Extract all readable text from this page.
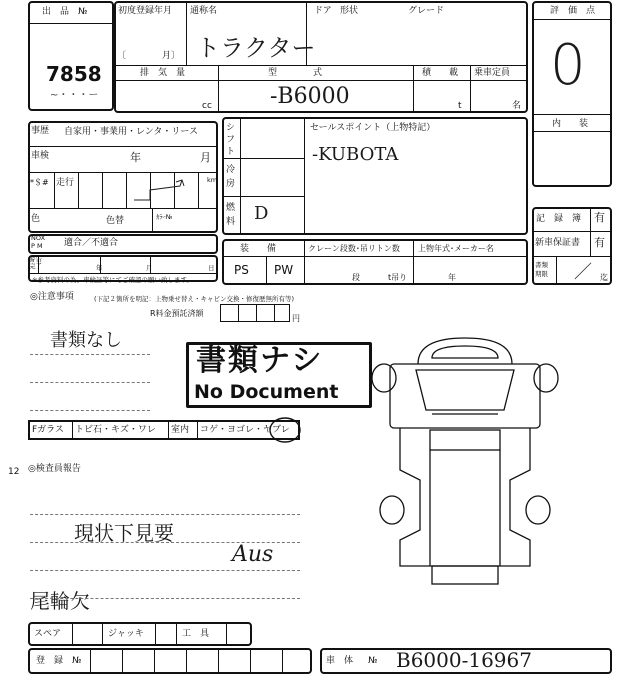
出　品　№
7858
~・・・ー
初度登録年月 通称名	ドア 形状	グレード
〔	月〕 トラクター
排　気　量	型　　　　式	積　　載 乗車定員
cc	t	名
-B6000
評　価　点
0
内　　装
事歴 自家用・事業用・レンタ・リース
車検	年	月
*＄# 走行	km
色	色替	ｶﾗｰ№
NOX
P M 適合／不適合
警告
完了	年	月	日
※参考資料の為、車検証等にてご確認の願い致します。
シ
フ
ト
冷
房
燃
料 D
セールスポイント（上物特記）
-KUBOTA
記　録　簿 有
新車保証書 有
書類
期限 ／ 迄
装　　備
PS PW
クレーン段数･吊リトン数
段	t吊り
上物年式･メーカー名
年
◎注意事項	(下記２箇所を明記：上物乗せ替え・キャビン交換・修復歴無所有等)
R料金預託済額
円
書類なし
書類ナシ
No Document
Fガラス トビ石・キズ・ワレ 室内 コゲ・ヨゴレ・ヤブレ
12 ◎検査員報告
現状下見要
Aus
尾輪欠
スペア	ジャッキ	工　具
登　録　№	車　体 № B6000-16967
